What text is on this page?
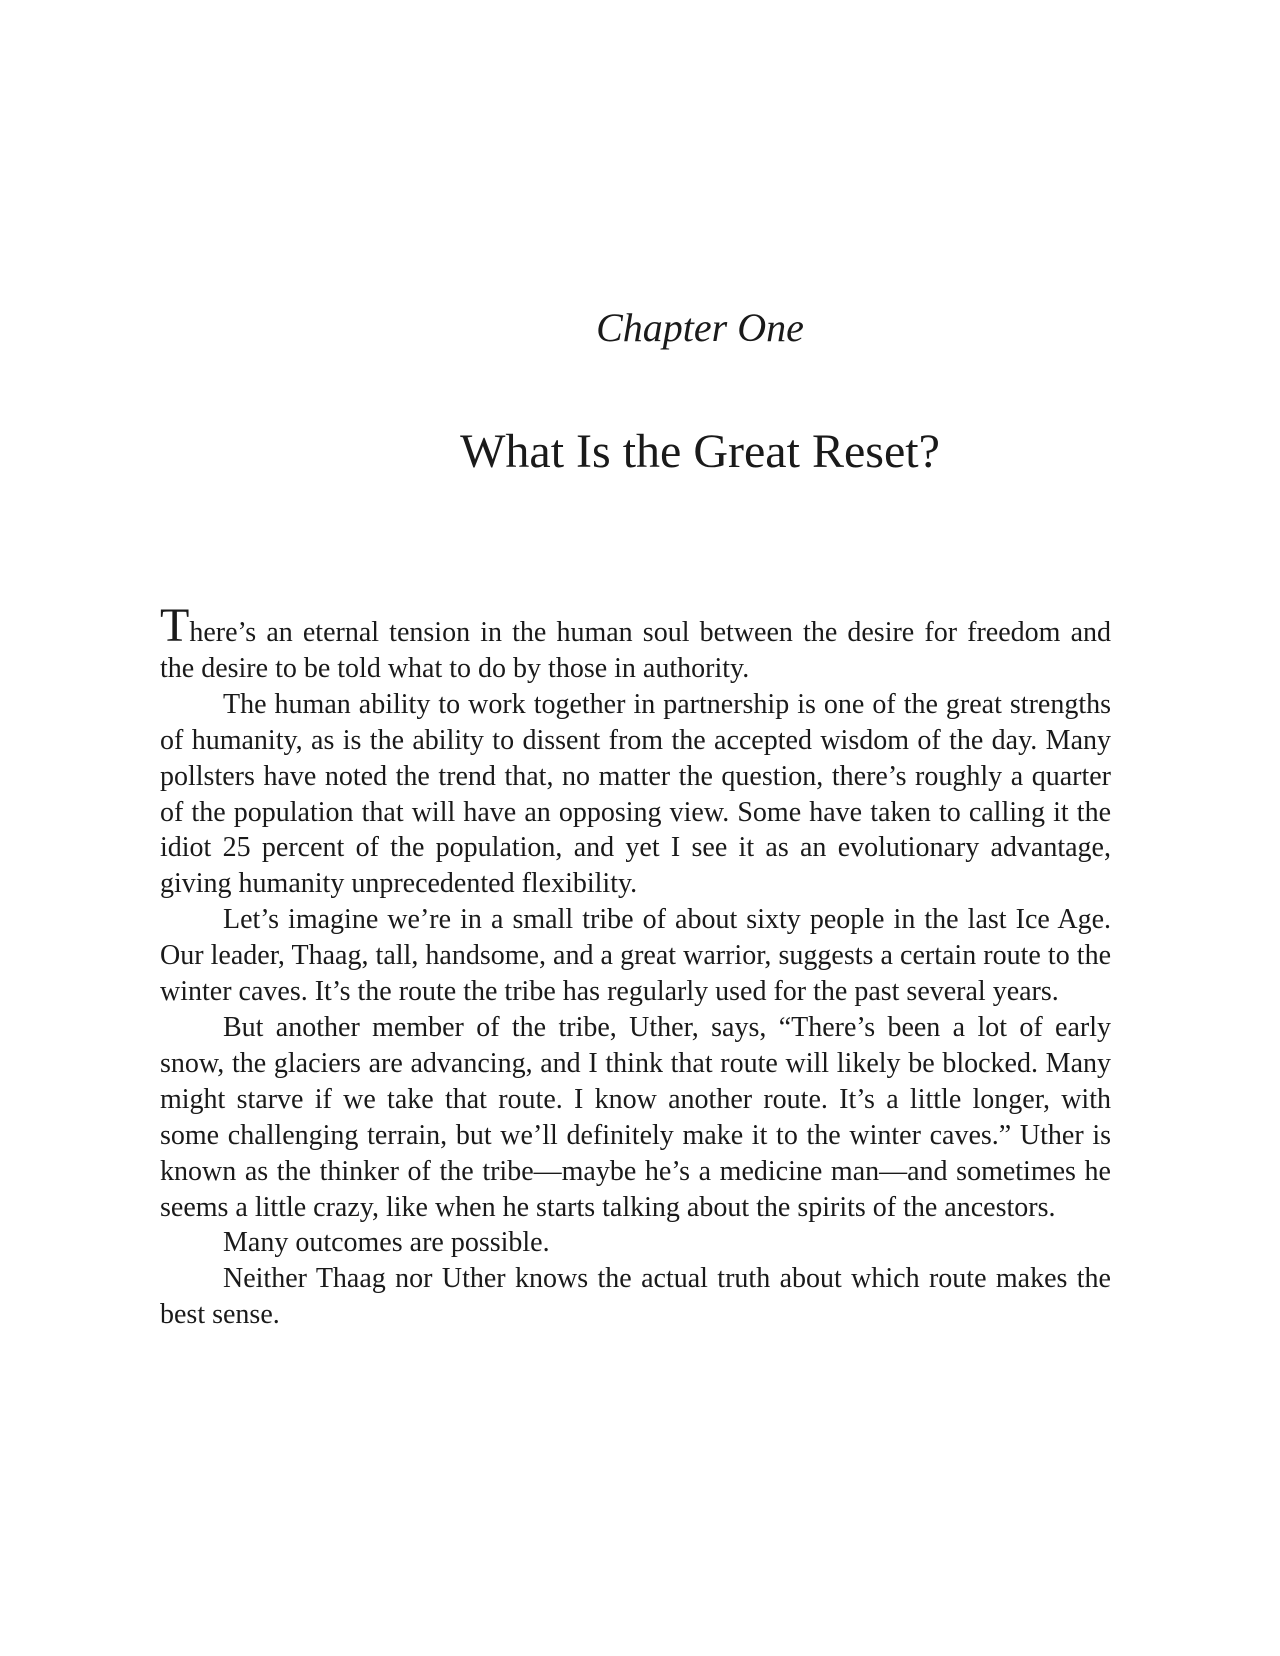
Chapter One
What Is the Great Reset?

There’s an eternal tension in the human soul between the desire for freedom and the desire to be told what to do by those in authority.

The human ability to work together in partnership is one of the great strengths of humanity, as is the ability to dissent from the accepted wisdom of the day. Many pollsters have noted the trend that, no matter the question, there’s roughly a quarter of the population that will have an opposing view. Some have taken to calling it the idiot 25 percent of the population, and yet I see it as an evolutionary advantage, giving humanity unprecedented flexibility.

Let’s imagine we’re in a small tribe of about sixty people in the last Ice Age. Our leader, Thaag, tall, handsome, and a great warrior, suggests a certain route to the winter caves. It’s the route the tribe has regularly used for the past several years.

But another member of the tribe, Uther, says, “There’s been a lot of early snow, the glaciers are advancing, and I think that route will likely be blocked. Many might starve if we take that route. I know another route. It’s a little longer, with some challenging terrain, but we’ll definitely make it to the winter caves.” Uther is known as the thinker of the tribe—maybe he’s a medicine man—and sometimes he seems a little crazy, like when he starts talking about the spirits of the ancestors.

Many outcomes are possible.

Neither Thaag nor Uther knows the actual truth about which route makes the best sense.
